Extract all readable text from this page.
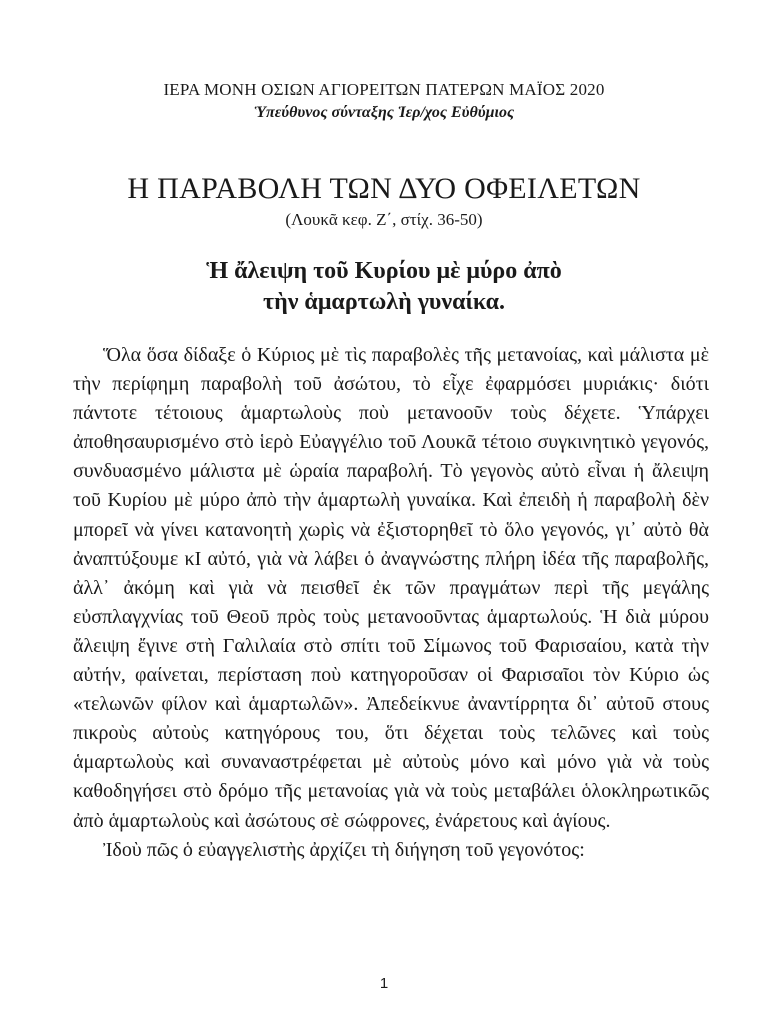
ΙΕΡΑ ΜΟΝΗ ΟΣΙΩΝ ΑΓΙΟΡΕΙΤΩΝ ΠΑΤΕΡΩΝ ΜΑΪΟΣ 2020
Ὑπεύθυνος σύνταξης Ἱερ/χος Εὐθύμιος
Η ΠΑΡΑΒΟΛΗ ΤΩΝ ΔΥΟ ΟΦΕΙΛΕΤΩΝ
(Λουκᾶ κεφ. Ζ΄, στίχ. 36-50)
Ἡ ἄλειψη τοῦ Κυρίου μὲ μύρο ἀπὸ τὴν ἁμαρτωλὴ γυναίκα.

Ὅλα ὅσα δίδαξε ὁ Κύριος μὲ τὶς παραβολὲς τῆς μετανοίας, καὶ μάλιστα μὲ τὴν περίφημη παραβολὴ τοῦ ἀσώτου, τὸ εἶχε ἐφαρμόσει μυριάκις· διότι πάντοτε τέτοιους ἁμαρτωλοὺς ποὺ μετανοοῦν τοὺς δέχετε. Ὑπάρχει ἀποθησαυρισμένο στὸ ἱερὸ Εὐαγγέλιο τοῦ Λουκᾶ τέτοιο συγκινητικὸ γεγονός, συνδυασμένο μάλιστα μὲ ὡραία παραβολή. Τὸ γεγονὸς αὐτὸ εἶναι ἡ ἄλειψη τοῦ Κυρίου μὲ μύρο ἀπὸ τὴν ἁμαρτωλὴ γυναίκα. Καὶ ἐπειδὴ ἡ παραβολὴ δὲν μπορεῖ νὰ γίνει κατανοητὴ χωρὶς νὰ ἐξιστορηθεῖ τὸ ὅλο γεγονός, γι᾿ αὐτὸ θὰ ἀναπτύξουμε κΙ αὐτό, γιὰ νὰ λάβει ὁ ἀναγνώστης πλήρη ἰδέα τῆς παραβολῆς, ἀλλ᾿ ἀκόμη καὶ γιὰ νὰ πεισθεῖ ἐκ τῶν πραγμάτων περὶ τῆς μεγάλης εὐσπλαγχνίας τοῦ Θεοῦ πρὸς τοὺς μετανοοῦντας ἁμαρτωλούς. Ἡ διὰ μύρου ἄλειψη ἔγινε στὴ Γαλιλαία στὸ σπίτι τοῦ Σίμωνος τοῦ Φαρισαίου, κατὰ τὴν αὐτήν, φαίνεται, περίσταση ποὺ κατηγοροῦσαν οἱ Φαρισαῖοι τὸν Κύριο ὡς «τελωνῶν φίλον καὶ ἁμαρτωλῶν». Ἀπεδείκνυε ἀναντίρρητα δι᾿ αὐτοῦ στους πικροὺς αὐτοὺς κατηγόρους του, ὅτι δέχεται τοὺς τελῶνες καὶ τοὺς ἁμαρτωλοὺς καὶ συναναστρέφεται μὲ αὐτοὺς μόνο καὶ μόνο γιὰ νὰ τοὺς καθοδηγήσει στὸ δρόμο τῆς μετανοίας γιὰ νὰ τοὺς μεταβάλει ὁλοκληρωτικῶς ἀπὸ ἁμαρτωλοὺς καὶ ἀσώτους σὲ σώφρονες, ἐνάρετους καὶ ἁγίους.

Ἰδοὺ πῶς ὁ εὐαγγελιστὴς ἀρχίζει τὴ διήγηση τοῦ γεγονότος:

1
